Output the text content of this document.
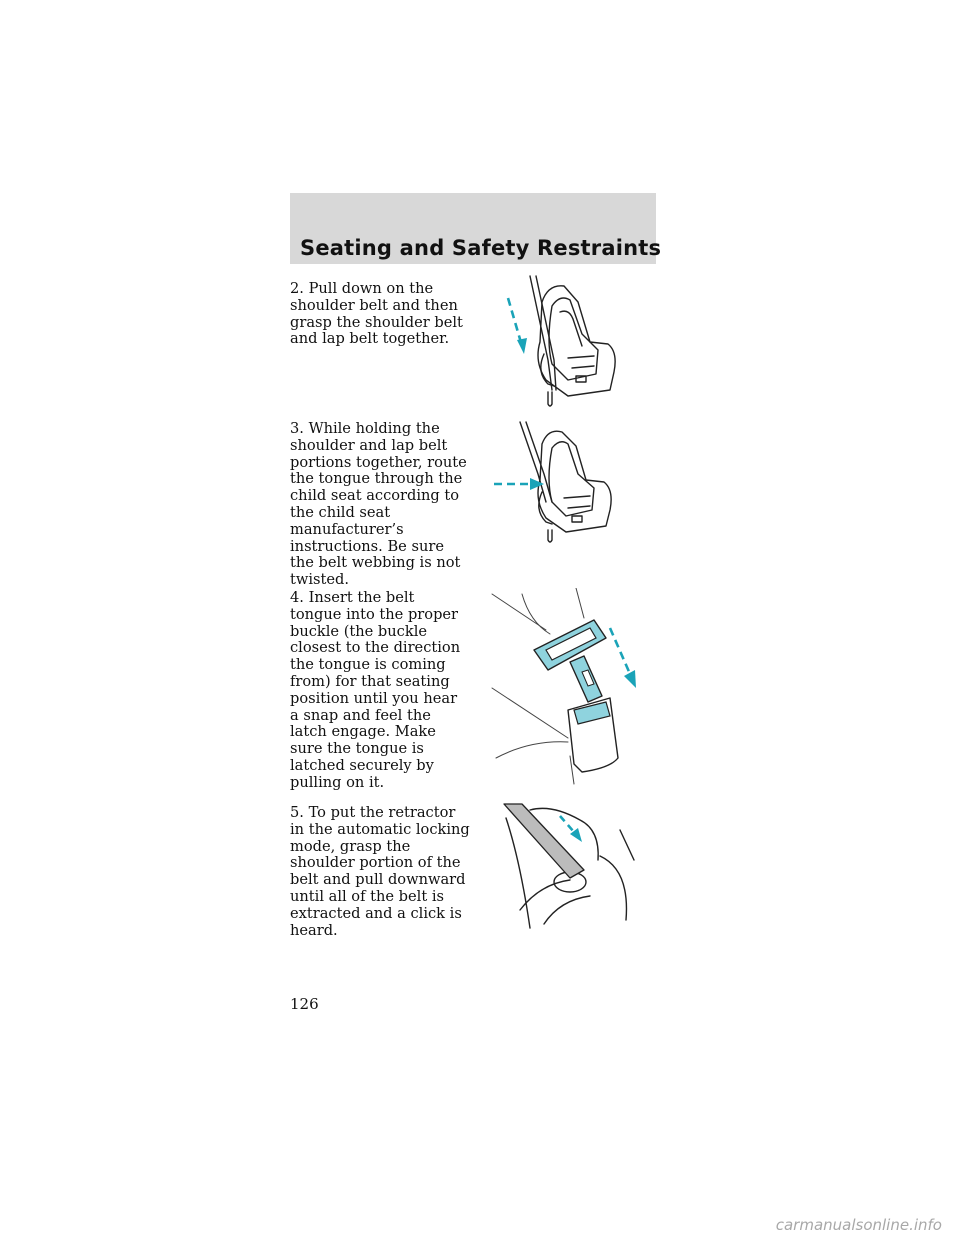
Seating and Safety Restraints

2. Pull down on the shoulder belt and then grasp the shoulder belt and lap belt together.

3. While holding the shoulder and lap belt portions together, route the tongue through the child seat according to the child seat manufacturer’s instructions. Be sure the belt webbing is not twisted.

4. Insert the belt tongue into the proper buckle (the buckle closest to the direction the tongue is coming from) for that seating position until you hear a snap and feel the latch engage. Make sure the tongue is latched securely by pulling on it.

5. To put the retractor in the automatic locking mode, grasp the shoulder portion of the belt and pull downward until all of the belt is extracted and a click is heard.

126
carmanualsonline.info
